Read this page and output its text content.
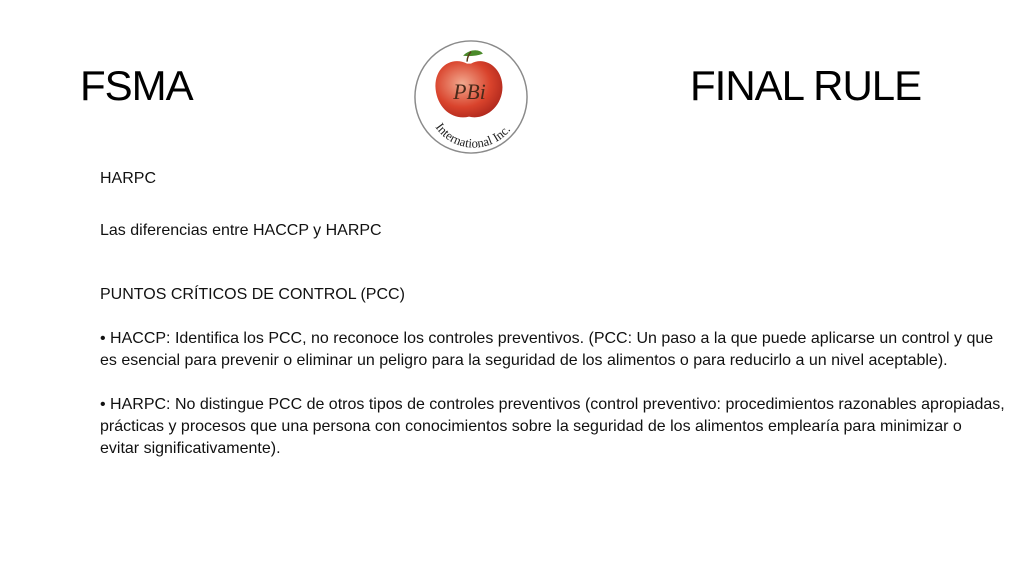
FSMA	FINAL RULE
PBi
International Inc.

HARPC

Las diferencias entre HACCP y HARPC

PUNTOS CRÍTICOS DE CONTROL (PCC)

• HACCP: Identifica los PCC, no reconoce los controles preventivos. (PCC: Un paso a la que puede aplicarse un control y que es esencial para prevenir o eliminar un peligro para la seguridad de los alimentos o para reducirlo a un nivel aceptable).

• HARPC: No distingue PCC de otros tipos de controles preventivos (control preventivo: procedimientos razonables apropiadas, prácticas y procesos que una persona con conocimientos sobre la seguridad de los alimentos emplearía para minimizar o evitar significativamente).
